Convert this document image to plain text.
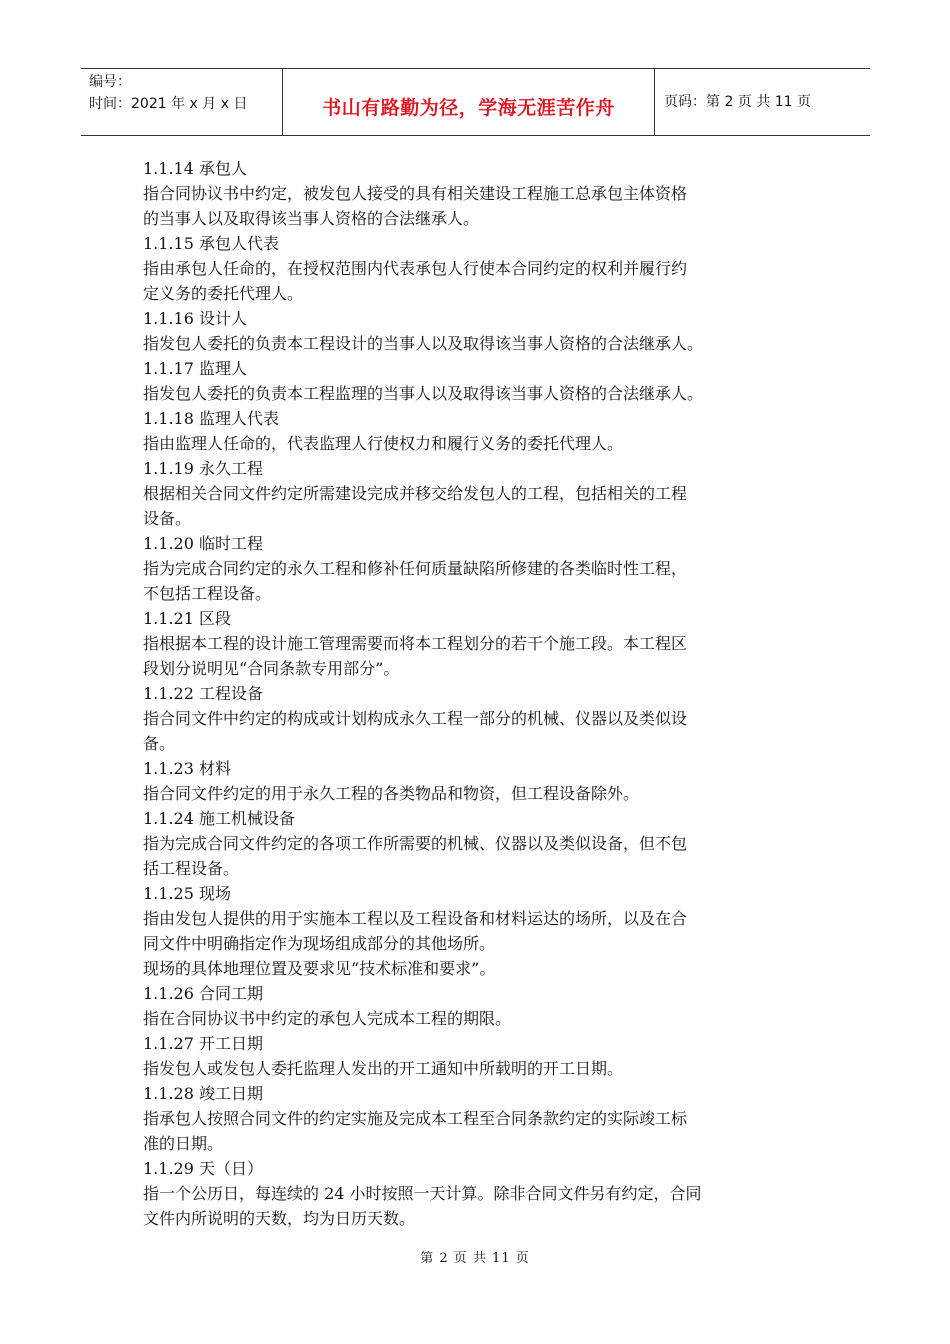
编号：
时间：2021 年 x 月 x 日	书山有路勤为径，学海无涯苦作舟	页码：第 2 页 共 11 页

1.1.14 承包人

指合同协议书中约定，被发包人接受的具有相关建设工程施工总承包主体资格

的当事人以及取得该当事人资格的合法继承人。

1.1.15 承包人代表

指由承包人任命的，在授权范围内代表承包人行使本合同约定的权利并履行约

定义务的委托代理人。

1.1.16 设计人

指发包人委托的负责本工程设计的当事人以及取得该当事人资格的合法继承人。

1.1.17 监理人

指发包人委托的负责本工程监理的当事人以及取得该当事人资格的合法继承人。

1.1.18 监理人代表

指由监理人任命的，代表监理人行使权力和履行义务的委托代理人。

1.1.19 永久工程

根据相关合同文件约定所需建设完成并移交给发包人的工程，包括相关的工程

设备。

1.1.20 临时工程

指为完成合同约定的永久工程和修补任何质量缺陷所修建的各类临时性工程，

不包括工程设备。

1.1.21 区段

指根据本工程的设计施工管理需要而将本工程划分的若干个施工段。本工程区

段划分说明见“合同条款专用部分”。

1.1.22 工程设备

指合同文件中约定的构成或计划构成永久工程一部分的机械、仪器以及类似设

备。

1.1.23 材料

指合同文件约定的用于永久工程的各类物品和物资，但工程设备除外。

1.1.24 施工机械设备

指为完成合同文件约定的各项工作所需要的机械、仪器以及类似设备，但不包

括工程设备。

1.1.25 现场

指由发包人提供的用于实施本工程以及工程设备和材料运达的场所，以及在合

同文件中明确指定作为现场组成部分的其他场所。

现场的具体地理位置及要求见“技术标准和要求”。

1.1.26 合同工期

指在合同协议书中约定的承包人完成本工程的期限。

1.1.27 开工日期

指发包人或发包人委托监理人发出的开工通知中所载明的开工日期。

1.1.28 竣工日期

指承包人按照合同文件的约定实施及完成本工程至合同条款约定的实际竣工标

准的日期。

1.1.29 天（日）

指一个公历日，每连续的 24 小时按照一天计算。除非合同文件另有约定，合同

文件内所说明的天数，均为日历天数。

第 2 页 共 11 页
